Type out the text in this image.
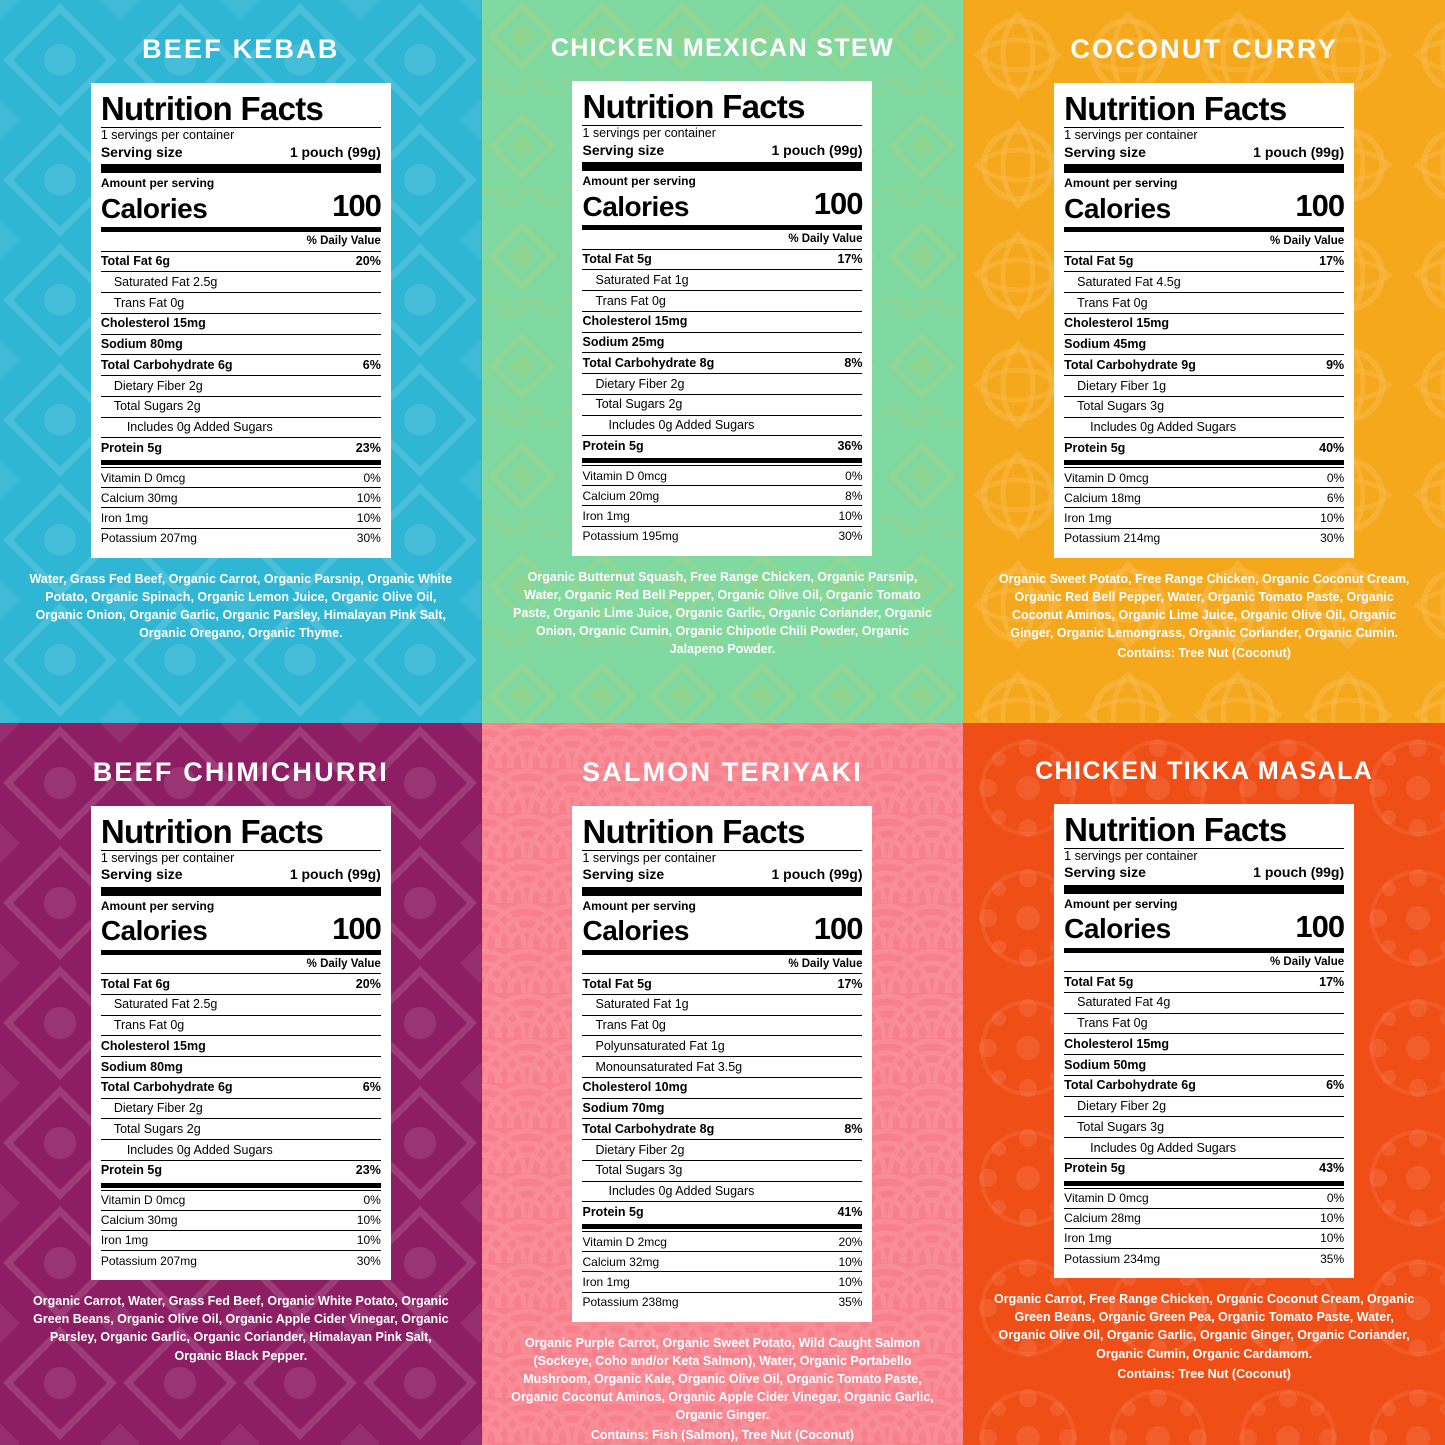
BEEF KEBAB
Nutrition Facts
1 servings per container
Serving size	1 pouch (99g)
Amount per serving
Calories	100
% Daily Value
Total Fat 6g	20%
Saturated Fat 2.5g
Trans Fat 0g
Cholesterol 15mg
Sodium 80mg
Total Carbohydrate 6g	6%
Dietary Fiber 2g
Total Sugars 2g
Includes 0g Added Sugars
Protein 5g	23%
Vitamin D 0mcg	0%
Calcium 30mg	10%
Iron 1mg	10%
Potassium 207mg	30%
Water, Grass Fed Beef, Organic Carrot, Organic Parsnip, Organic White Potato, Organic Spinach, Organic Lemon Juice, Organic Olive Oil, Organic Onion, Organic Garlic, Organic Parsley, Himalayan Pink Salt, Organic Oregano, Organic Thyme.
CHICKEN MEXICAN STEW
Nutrition Facts
1 servings per container
Serving size	1 pouch (99g)
Amount per serving
Calories	100
% Daily Value
Total Fat 5g	17%
Saturated Fat 1g
Trans Fat 0g
Cholesterol 15mg
Sodium 25mg
Total Carbohydrate 8g	8%
Dietary Fiber 2g
Total Sugars 2g
Includes 0g Added Sugars
Protein 5g	36%
Vitamin D 0mcg	0%
Calcium 20mg	8%
Iron 1mg	10%
Potassium 195mg	30%
Organic Butternut Squash, Free Range Chicken, Organic Parsnip, Water, Organic Red Bell Pepper, Organic Olive Oil, Organic Tomato Paste, Organic Lime Juice, Organic Garlic, Organic Coriander, Organic Onion, Organic Cumin, Organic Chipotle Chili Powder, Organic Jalapeno Powder.
COCONUT CURRY
Nutrition Facts
1 servings per container
Serving size	1 pouch (99g)
Amount per serving
Calories	100
% Daily Value
Total Fat 5g	17%
Saturated Fat 4.5g
Trans Fat 0g
Cholesterol 15mg
Sodium 45mg
Total Carbohydrate 9g	9%
Dietary Fiber 1g
Total Sugars 3g
Includes 0g Added Sugars
Protein 5g	40%
Vitamin D 0mcg	0%
Calcium 18mg	6%
Iron 1mg	10%
Potassium 214mg	30%
Organic Sweet Potato, Free Range Chicken, Organic Coconut Cream, Organic Red Bell Pepper, Water, Organic Tomato Paste, Organic Coconut Aminos, Organic Lime Juice, Organic Olive Oil, Organic Ginger, Organic Lemongrass, Organic Coriander, Organic Cumin.
Contains: Tree Nut (Coconut)
BEEF CHIMICHURRI
Nutrition Facts
1 servings per container
Serving size	1 pouch (99g)
Amount per serving
Calories	100
% Daily Value
Total Fat 6g	20%
Saturated Fat 2.5g
Trans Fat 0g
Cholesterol 15mg
Sodium 80mg
Total Carbohydrate 6g	6%
Dietary Fiber 2g
Total Sugars 2g
Includes 0g Added Sugars
Protein 5g	23%
Vitamin D 0mcg	0%
Calcium 30mg	10%
Iron 1mg	10%
Potassium 207mg	30%
Organic Carrot, Water, Grass Fed Beef, Organic White Potato, Organic Green Beans, Organic Olive Oil, Organic Apple Cider Vinegar, Organic Parsley, Organic Garlic, Organic Coriander, Himalayan Pink Salt, Organic Black Pepper.
SALMON TERIYAKI
Nutrition Facts
1 servings per container
Serving size	1 pouch (99g)
Amount per serving
Calories	100
% Daily Value
Total Fat 5g	17%
Saturated Fat 1g
Trans Fat 0g
Polyunsaturated Fat 1g
Monounsaturated Fat 3.5g
Cholesterol 10mg
Sodium 70mg
Total Carbohydrate 8g	8%
Dietary Fiber 2g
Total Sugars 3g
Includes 0g Added Sugars
Protein 5g	41%
Vitamin D 2mcg	20%
Calcium 32mg	10%
Iron 1mg	10%
Potassium 238mg	35%
Organic Purple Carrot, Organic Sweet Potato, Wild Caught Salmon (Sockeye, Coho and/or Keta Salmon), Water, Organic Portabello Mushroom, Organic Kale, Organic Olive Oil, Organic Tomato Paste, Organic Coconut Aminos, Organic Apple Cider Vinegar, Organic Garlic, Organic Ginger.
Contains: Fish (Salmon), Tree Nut (Coconut)
CHICKEN TIKKA MASALA
Nutrition Facts
1 servings per container
Serving size	1 pouch (99g)
Amount per serving
Calories	100
% Daily Value
Total Fat 5g	17%
Saturated Fat 4g
Trans Fat 0g
Cholesterol 15mg
Sodium 50mg
Total Carbohydrate 6g	6%
Dietary Fiber 2g
Total Sugars 3g
Includes 0g Added Sugars
Protein 5g	43%
Vitamin D 0mcg	0%
Calcium 28mg	10%
Iron 1mg	10%
Potassium 234mg	35%
Organic Carrot, Free Range Chicken, Organic Coconut Cream, Organic Green Beans, Organic Green Pea, Organic Tomato Paste, Water, Organic Olive Oil, Organic Garlic, Organic Ginger, Organic Coriander, Organic Cumin, Organic Cardamom.
Contains: Tree Nut (Coconut)
